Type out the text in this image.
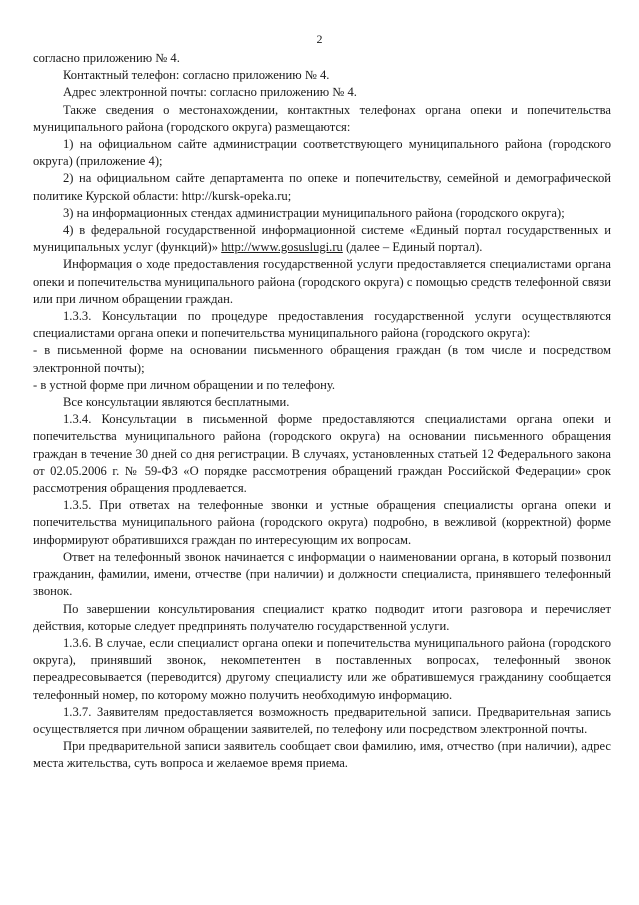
2

согласно приложению № 4.

Контактный телефон: согласно приложению № 4.

Адрес электронной почты: согласно приложению № 4.

Также сведения о местонахождении, контактных телефонах органа опеки и попечительства муниципального района (городского округа) размещаются:

1) на официальном сайте администрации соответствующего муниципального района (городского округа) (приложение 4);

2) на официальном сайте департамента по опеке и попечительству, семейной и демографической политике Курской области: http://kursk-opeka.ru;

3) на информационных стендах администрации муниципального района (городского округа);

4) в федеральной государственной информационной системе «Единый портал государственных и муниципальных услуг (функций)» http://www.gosuslugi.ru (далее – Единый портал).

Информация о ходе предоставления государственной услуги предоставляется специалистами органа опеки и попечительства муниципального района (городского округа) с помощью средств телефонной связи или при личном обращении граждан.

1.3.3. Консультации по процедуре предоставления государственной услуги осуществляются специалистами органа опеки и попечительства муниципального района (городского округа):

- в письменной форме на основании письменного обращения граждан (в том числе и посредством электронной почты);

- в устной форме при личном обращении и по телефону.

Все консультации являются бесплатными.

1.3.4. Консультации в письменной форме предоставляются специалистами органа опеки и попечительства муниципального района (городского округа) на основании письменного обращения граждан в течение 30 дней со дня регистрации. В случаях, установленных статьей 12 Федерального закона от 02.05.2006 г. № 59-ФЗ «О порядке рассмотрения обращений граждан Российской Федерации» срок рассмотрения обращения продлевается.

1.3.5. При ответах на телефонные звонки и устные обращения специалисты органа опеки и попечительства муниципального района (городского округа) подробно, в вежливой (корректной) форме информируют обратившихся граждан по интересующим их вопросам.

Ответ на телефонный звонок начинается с информации о наименовании органа, в который позвонил гражданин, фамилии, имени, отчестве (при наличии) и должности специалиста, принявшего телефонный звонок.

По завершении консультирования специалист кратко подводит итоги разговора и перечисляет действия, которые следует предпринять получателю государственной услуги.

1.3.6. В случае, если специалист органа опеки и попечительства муниципального района (городского округа), принявший звонок, некомпетентен в поставленных вопросах, телефонный звонок переадресовывается (переводится) другому специалисту или же обратившемуся гражданину сообщается телефонный номер, по которому можно получить необходимую информацию.

1.3.7. Заявителям предоставляется возможность предварительной записи. Предварительная запись осуществляется при личном обращении заявителей, по телефону или посредством электронной почты.

При предварительной записи заявитель сообщает свои фамилию, имя, отчество (при наличии), адрес места жительства, суть вопроса и желаемое время приема.
